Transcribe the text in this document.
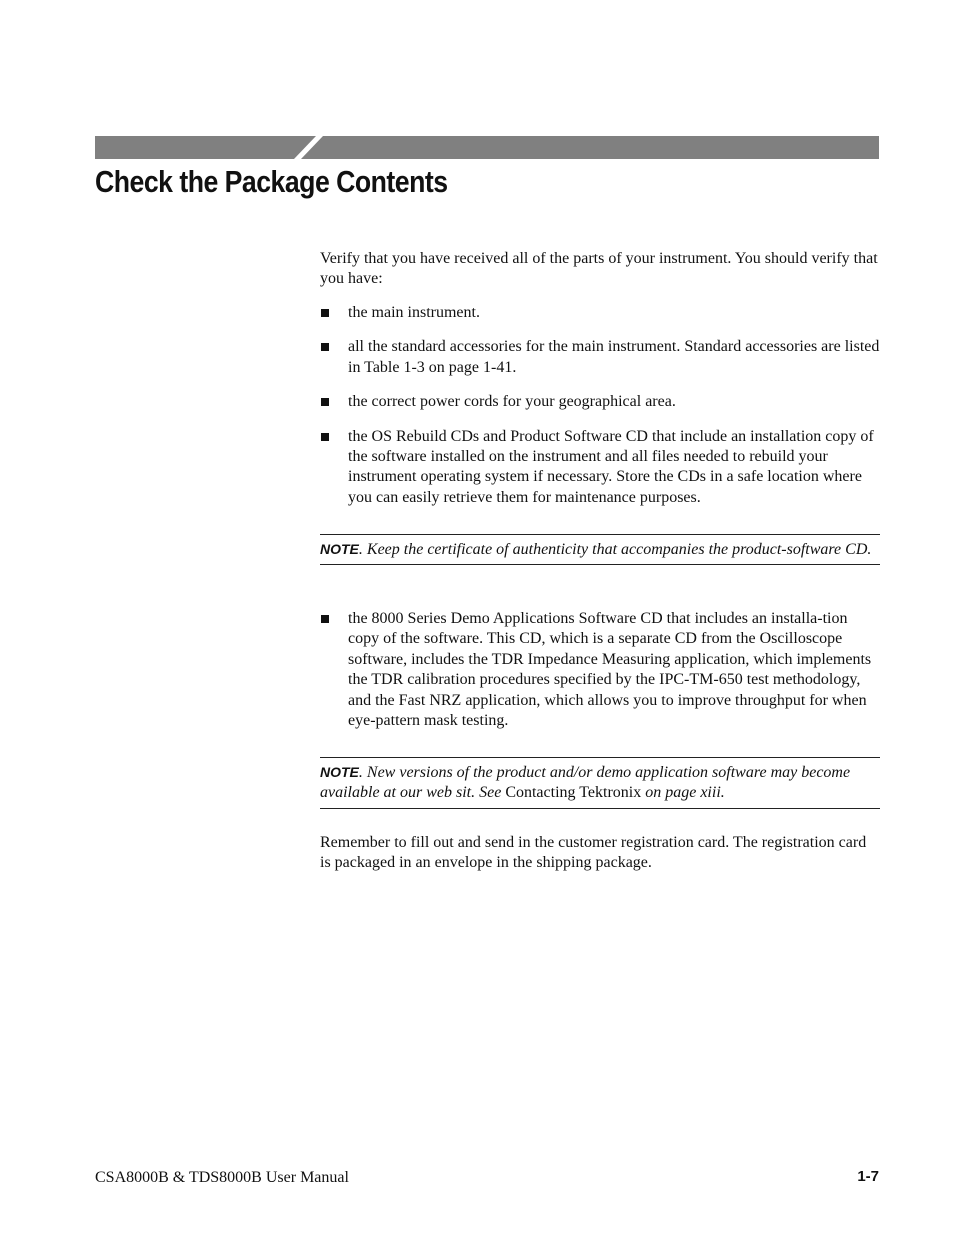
Check the Package Contents

Verify that you have received all of the parts of your instrument. You should verify that you have:

the main instrument.
all the standard accessories for the main instrument. Standard accessories are listed in Table 1-3 on page 1-41.
the correct power cords for your geographical area.
the OS Rebuild CDs and Product Software CD that include an installation copy of the software installed on the instrument and all files needed to rebuild your instrument operating system if necessary. Store the CDs in a safe location where you can easily retrieve them for maintenance purposes.
NOTE. Keep the certificate of authenticity that accompanies the product-software CD.
the 8000 Series Demo Applications Software CD that includes an installa-tion copy of the software. This CD, which is a separate CD from the Oscilloscope software, includes the TDR Impedance Measuring application, which implements the TDR calibration procedures specified by the IPC-TM-650 test methodology, and the Fast NRZ application, which allows you to improve throughput for when eye-pattern mask testing.
NOTE. New versions of the product and/or demo application software may become available at our web sit. See Contacting Tektronix on page xiii.

Remember to fill out and send in the customer registration card. The registration card is packaged in an envelope in the shipping package.

CSA8000B & TDS8000B User Manual	1-7
